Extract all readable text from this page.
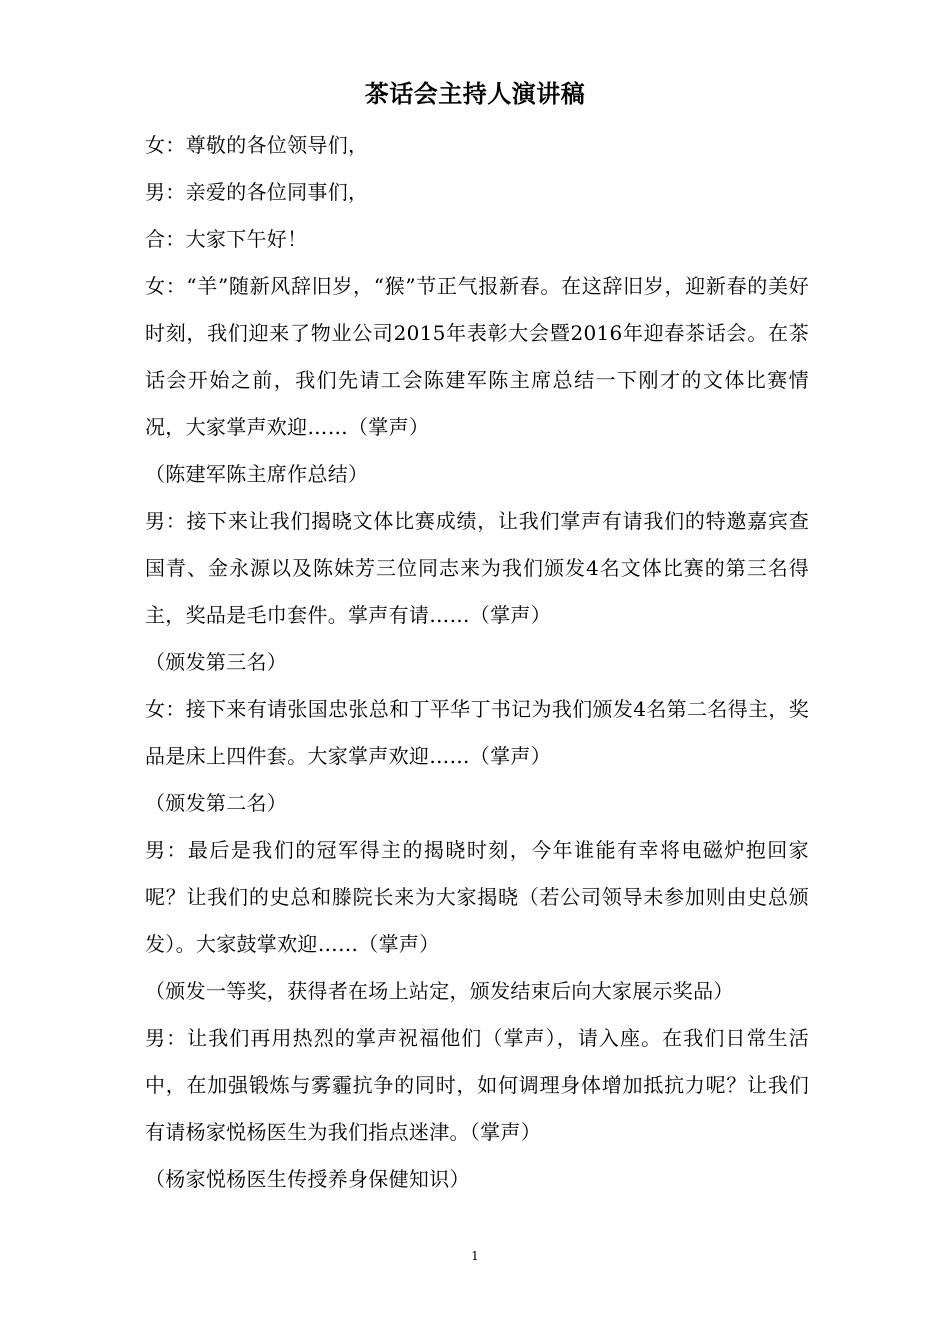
茶话会主持人演讲稿

女：尊敬的各位领导们，

男：亲爱的各位同事们，

合：大家下午好！

女：“羊”随新风辞旧岁，“猴”节正气报新春。在这辞旧岁，迎新春的美好时刻，我们迎来了物业公司2015年表彰大会暨2016年迎春茶话会。在茶话会开始之前，我们先请工会陈建军陈主席总结一下刚才的文体比赛情况，大家掌声欢迎……（掌声）

（陈建军陈主席作总结）

男：接下来让我们揭晓文体比赛成绩，让我们掌声有请我们的特邀嘉宾查国青、金永源以及陈妹芳三位同志来为我们颁发4名文体比赛的第三名得主，奖品是毛巾套件。掌声有请……（掌声）

（颁发第三名）

女：接下来有请张国忠张总和丁平华丁书记为我们颁发4名第二名得主，奖品是床上四件套。大家掌声欢迎……（掌声）

（颁发第二名）

男：最后是我们的冠军得主的揭晓时刻，今年谁能有幸将电磁炉抱回家呢？让我们的史总和滕院长来为大家揭晓（若公司领导未参加则由史总颁发）。大家鼓掌欢迎……（掌声）

（颁发一等奖，获得者在场上站定，颁发结束后向大家展示奖品）

男：让我们再用热烈的掌声祝福他们（掌声），请入座。在我们日常生活中，在加强锻炼与雾霾抗争的同时，如何调理身体增加抵抗力呢？让我们有请杨家悦杨医生为我们指点迷津。（掌声）

（杨家悦杨医生传授养身保健知识）

1
